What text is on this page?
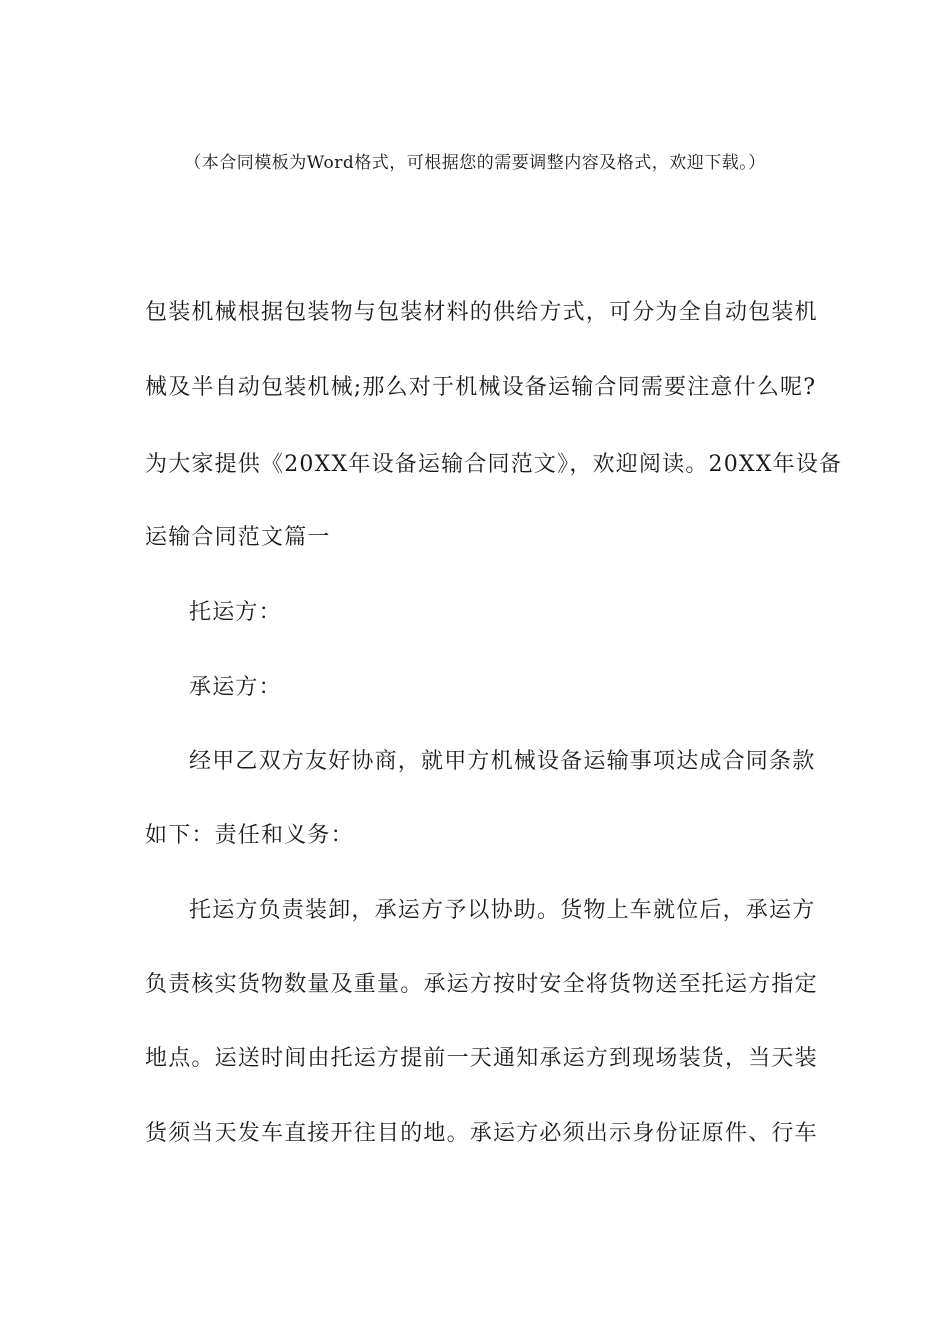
（本合同模板为Word格式，可根据您的需要调整内容及格式，欢迎下载。）
包装机械根据包装物与包装材料的供给方式，可分为全自动包装机
械及半自动包装机械;那么对于机械设备运输合同需要注意什么呢?
为大家提供《20XX年设备运输合同范文》，欢迎阅读。20XX年设备
运输合同范文篇一
托运方：
承运方：
经甲乙双方友好协商，就甲方机械设备运输事项达成合同条款
如下：责任和义务：
托运方负责装卸，承运方予以协助。货物上车就位后，承运方
负责核实货物数量及重量。承运方按时安全将货物送至托运方指定
地点。运送时间由托运方提前一天通知承运方到现场装货，当天装
货须当天发车直接开往目的地。承运方必须出示身份证原件、行车
